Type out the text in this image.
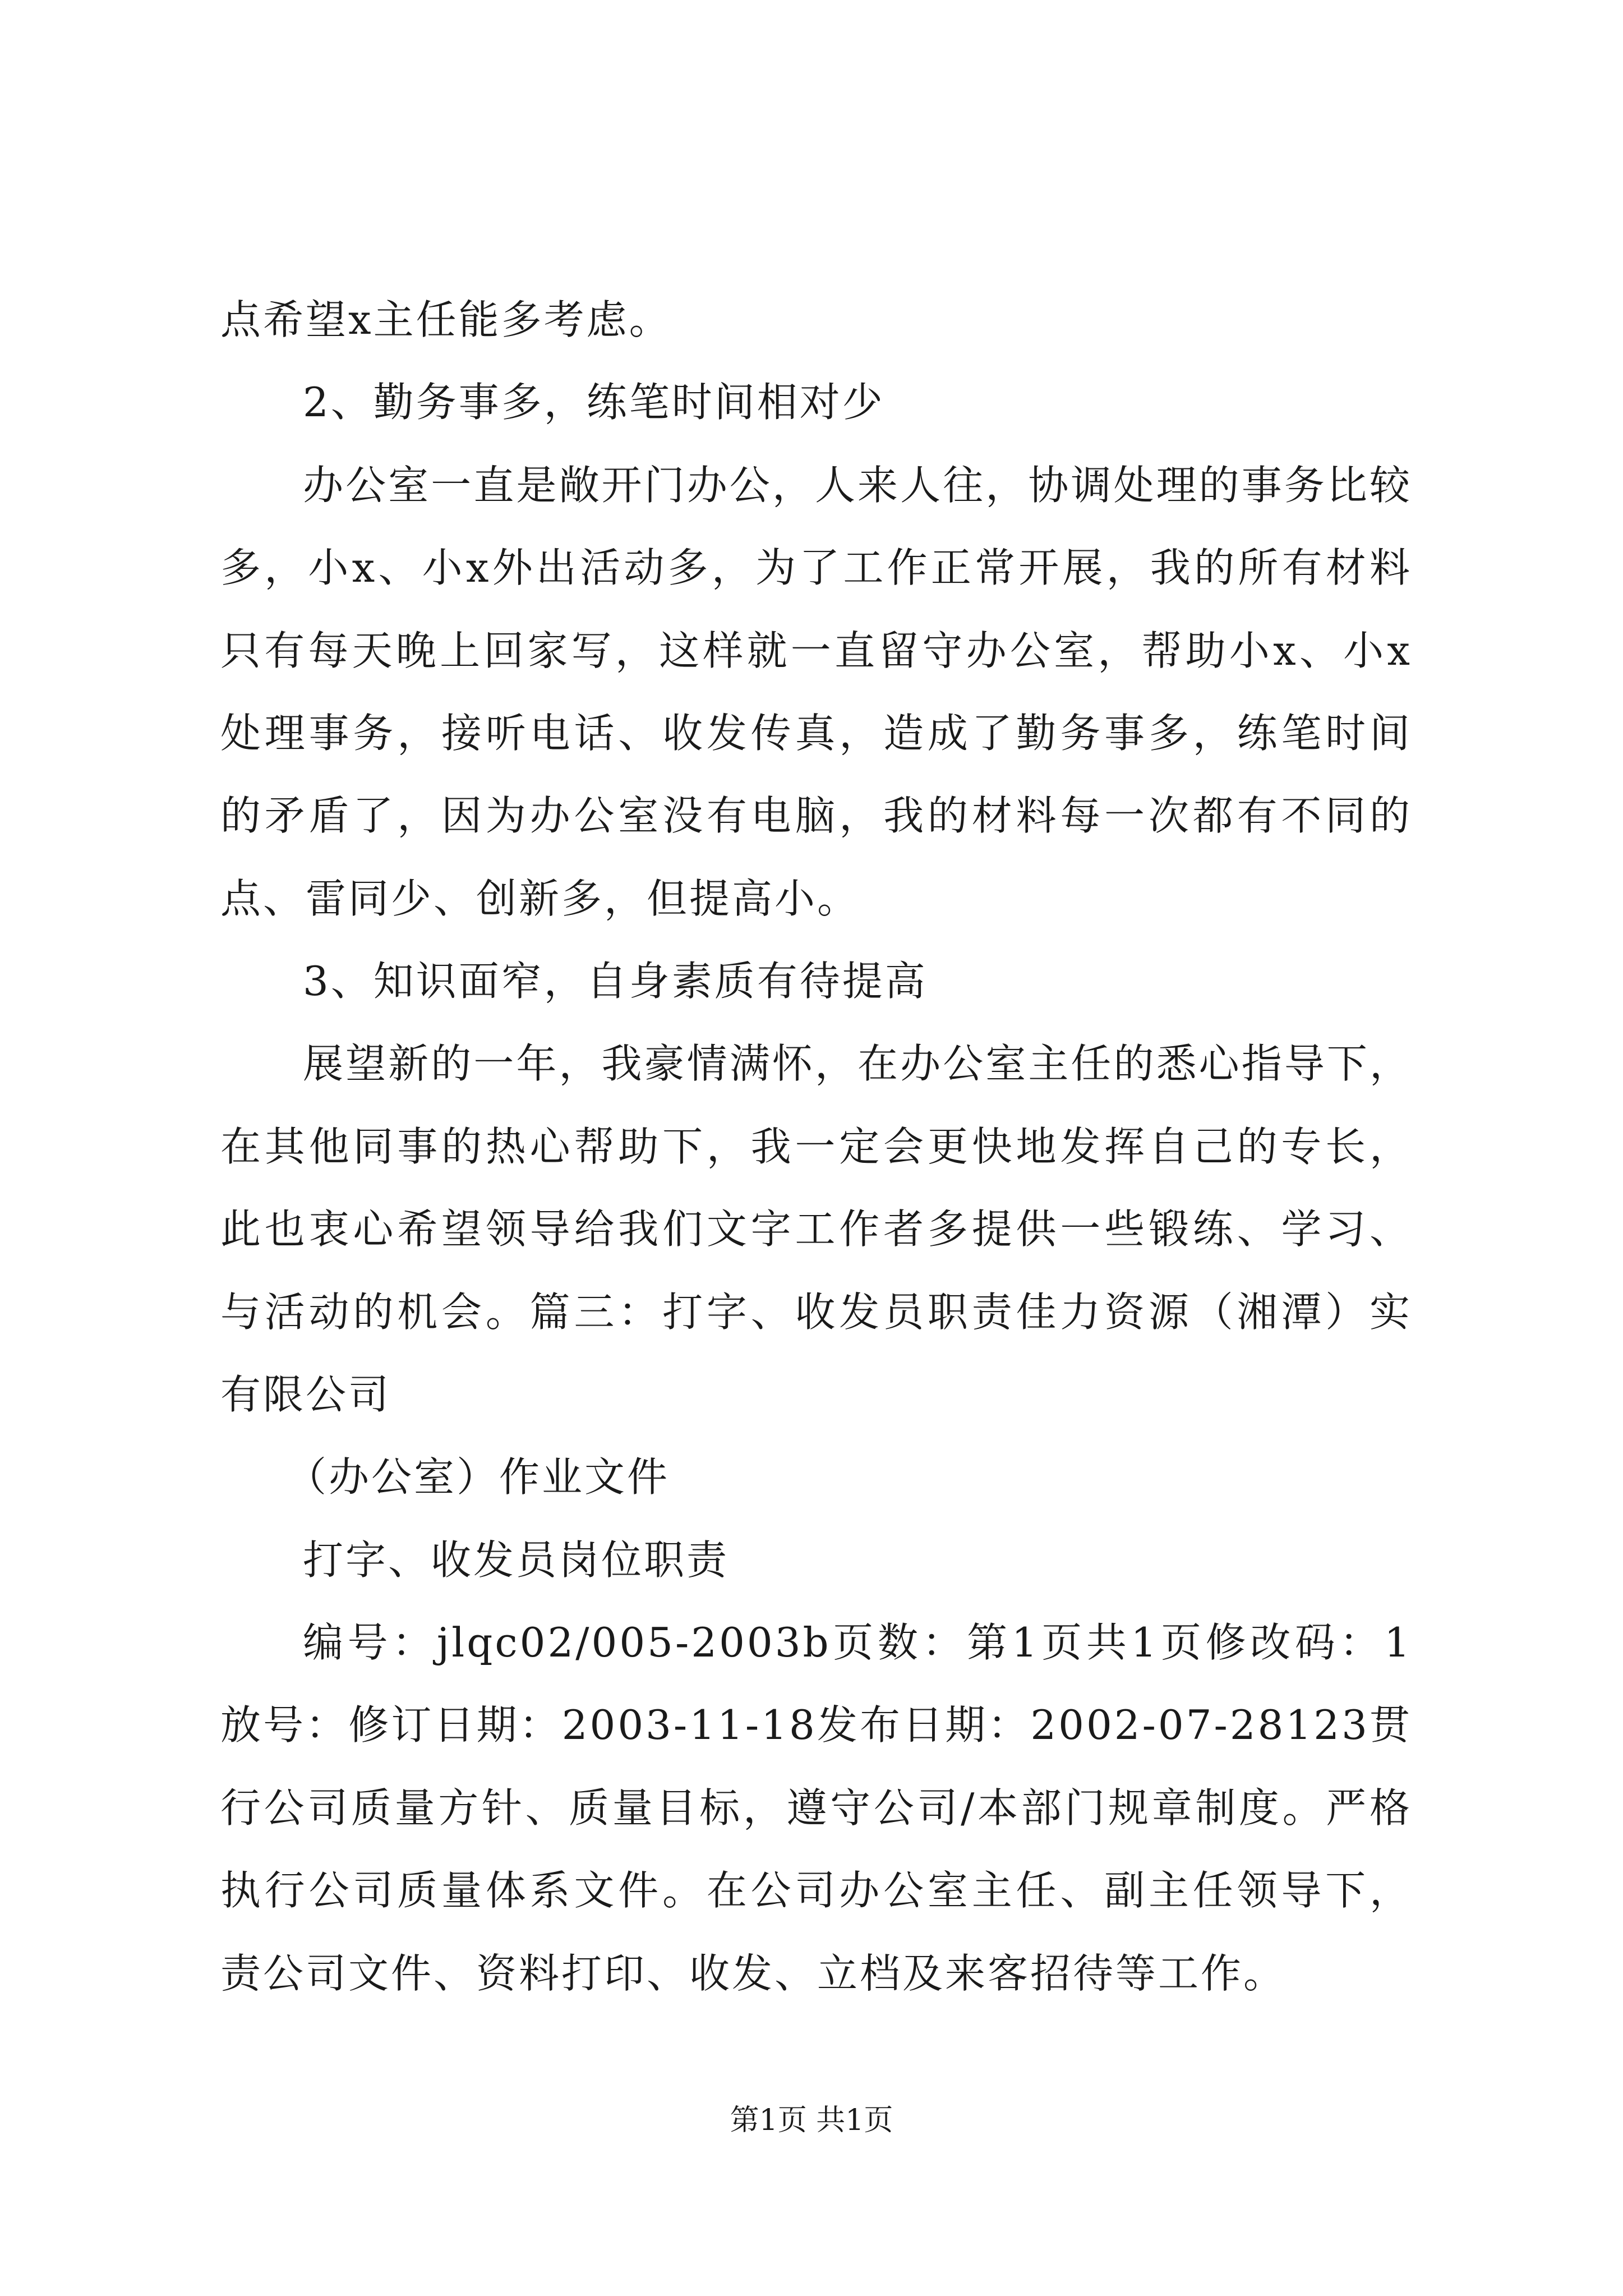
点希望x主任能多考虑。
2、勤务事多，练笔时间相对少
办公室一直是敞开门办公，人来人往，协调处理的事务比较
多，小x、小x外出活动多，为了工作正常开展，我的所有材料
只有每天晚上回家写，这样就一直留守办公室，帮助小x、小x
处理事务，接听电话、收发传真，造成了勤务事多，练笔时间
的矛盾了，因为办公室没有电脑，我的材料每一次都有不同的
点、雷同少、创新多，但提高小。
3、知识面窄，自身素质有待提高
展望新的一年，我豪情满怀，在办公室主任的悉心指导下，
在其他同事的热心帮助下，我一定会更快地发挥自己的专长，
此也衷心希望领导给我们文字工作者多提供一些锻练、学习、
与活动的机会。篇三：打字、收发员职责佳力资源（湘潭）实
有限公司
（办公室）作业文件
打字、收发员岗位职责
编号：jlqc02/005-2003b页数：第1页共1页修改码：1
放号：修订日期：2003-11-18发布日期：2002-07-28123贯
行公司质量方针、质量目标，遵守公司/本部门规章制度。严格
执行公司质量体系文件。在公司办公室主任、副主任领导下，
责公司文件、资料打印、收发、立档及来客招待等工作。
第1页 共1页
